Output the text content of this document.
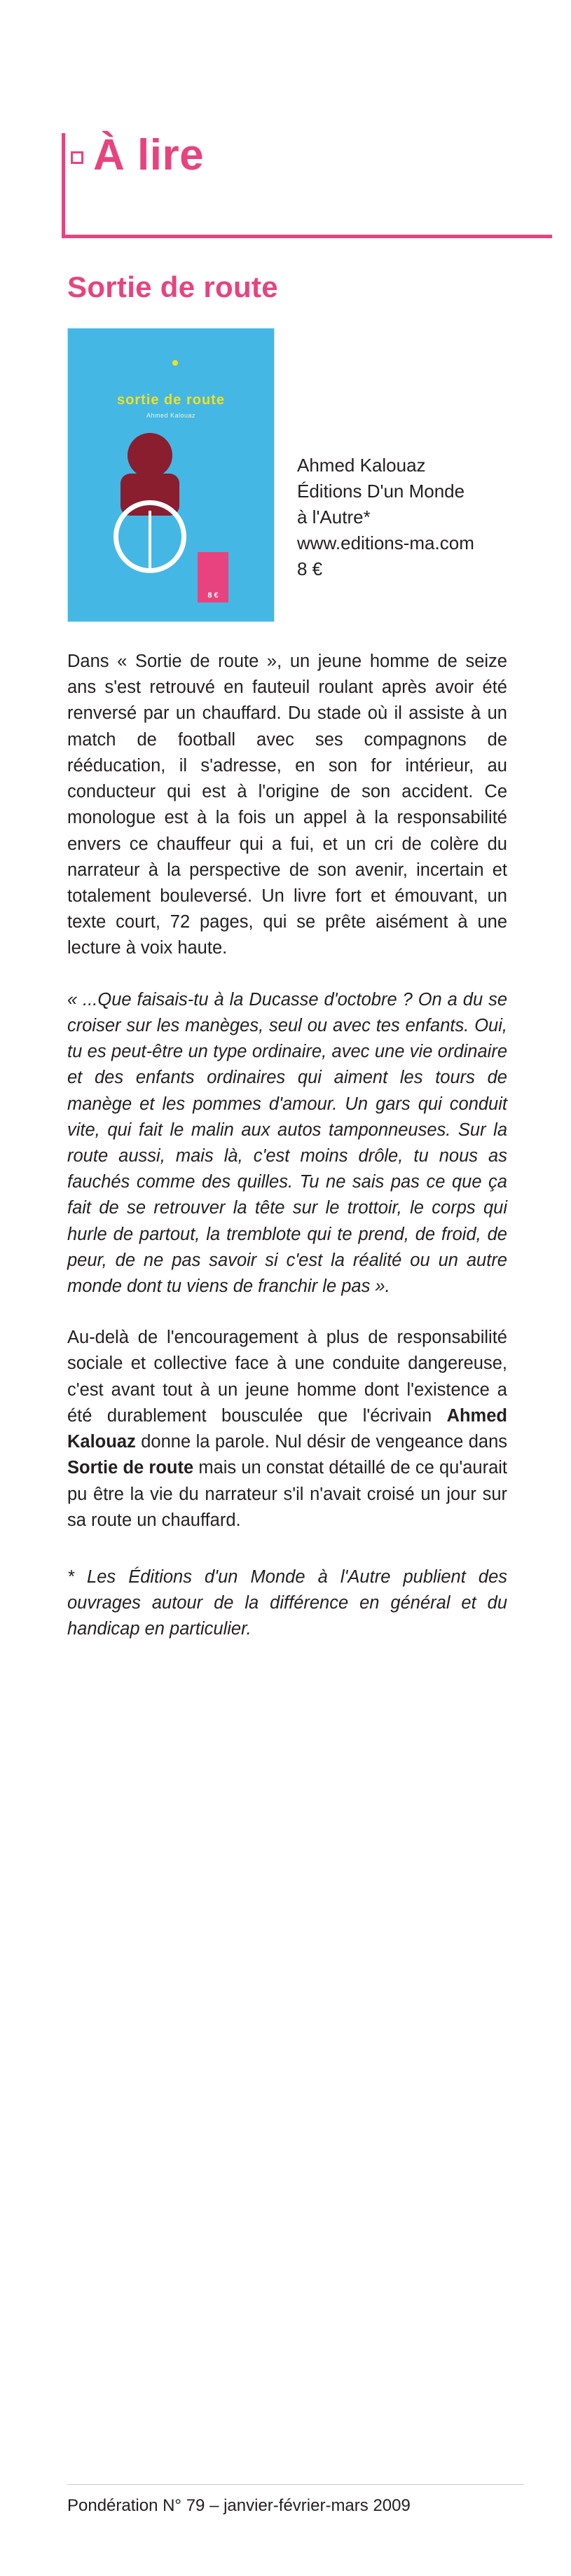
À lire
Sortie de route
sortie de route
Ahmed Kalouaz
8 €
Ahmed Kalouaz
Éditions D'un Monde
à l'Autre*
www.editions-ma.com
8 €

Dans « Sortie de route », un jeune homme de seize ans s'est retrouvé en fauteuil roulant après avoir été renversé par un chauffard. Du stade où il assiste à un match de football avec ses compagnons de rééducation, il s'adresse, en son for intérieur, au conducteur qui est à l'origine de son accident. Ce monologue est à la fois un appel à la responsabilité envers ce chauffeur qui a fui, et un cri de colère du narrateur à la perspective de son avenir, incertain et totalement bouleversé. Un livre fort et émouvant, un texte court, 72 pages, qui se prête aisément à une lecture à voix haute.

« ...Que faisais-tu à la Ducasse d'octobre ? On a du se croiser sur les manèges, seul ou avec tes enfants. Oui, tu es peut-être un type ordinaire, avec une vie ordinaire et des enfants ordinaires qui aiment les tours de manège et les pommes d'amour. Un gars qui conduit vite, qui fait le malin aux autos tamponneuses. Sur la route aussi, mais là, c'est moins drôle, tu nous as fauchés comme des quilles. Tu ne sais pas ce que ça fait de se retrouver la tête sur le trottoir, le corps qui hurle de partout, la tremblote qui te prend, de froid, de peur, de ne pas savoir si c'est la réalité ou un autre monde dont tu viens de franchir le pas ».

Au-delà de l'encouragement à plus de responsabilité sociale et collective face à une conduite dangereuse, c'est avant tout à un jeune homme dont l'existence a été durablement bousculée que l'écrivain Ahmed Kalouaz donne la parole. Nul désir de vengeance dans Sortie de route mais un constat détaillé de ce qu'aurait pu être la vie du narrateur s'il n'avait croisé un jour sur sa route un chauffard.

* Les Éditions d'un Monde à l'Autre publient des ouvrages autour de la différence en général et du handicap en particulier.

Pondération N° 79 – janvier-février-mars 2009
